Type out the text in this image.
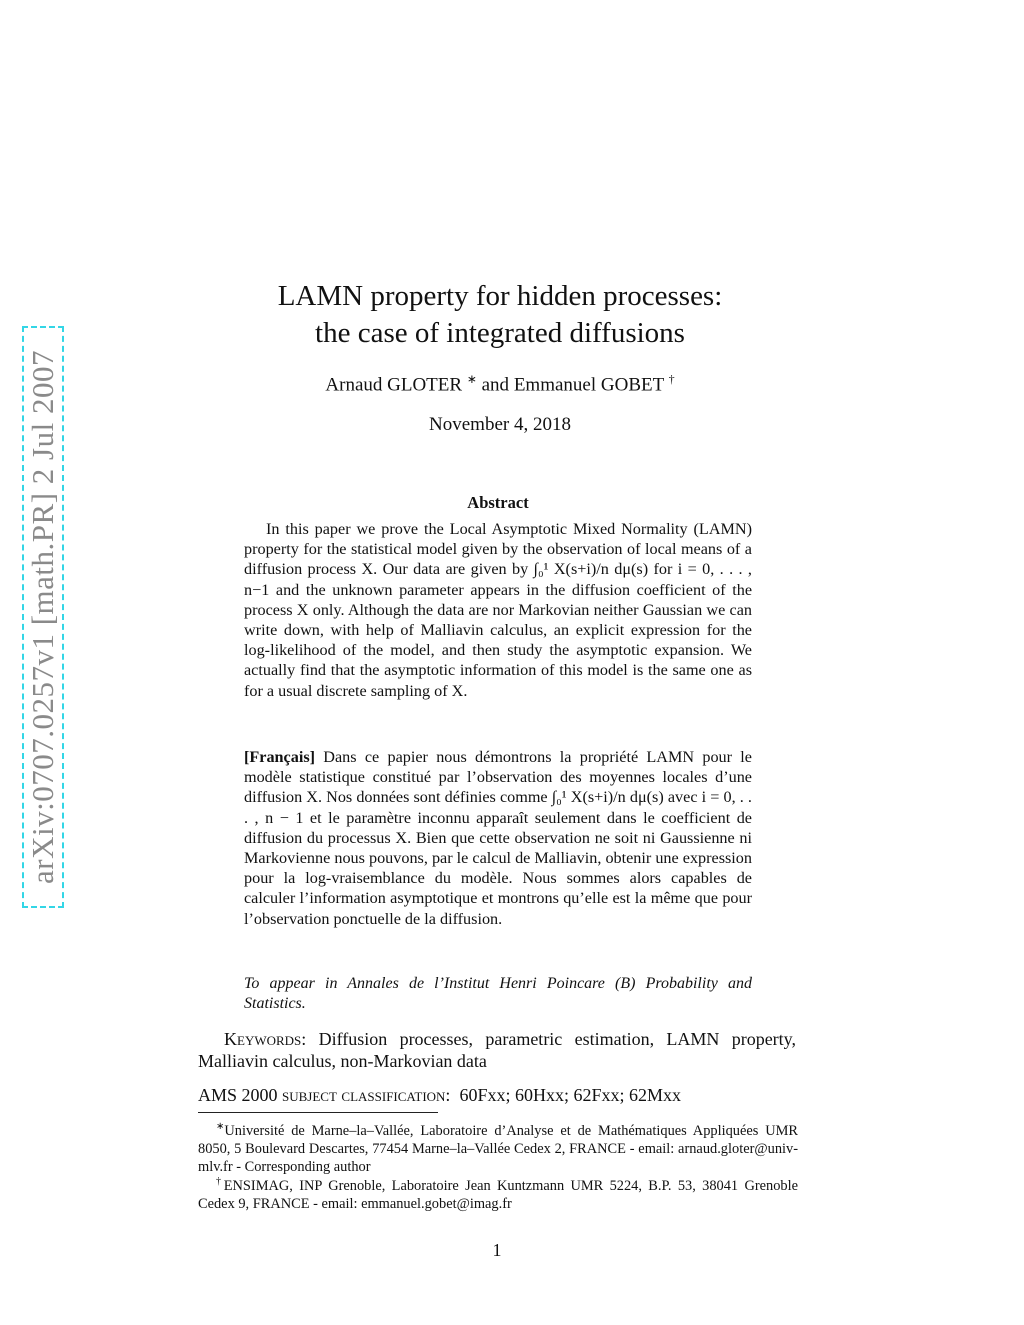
arXiv:0707.0257v1 [math.PR] 2 Jul 2007
LAMN property for hidden processes:
the case of integrated diffusions
Arnaud GLOTER ∗ and Emmanuel GOBET †
November 4, 2018
Abstract

In this paper we prove the Local Asymptotic Mixed Normality (LAMN) property for the statistical model given by the observation of local means of a diffusion process X. Our data are given by ∫₀¹ X(s+i)/n dμ(s) for i = 0, . . . , n−1 and the unknown parameter appears in the diffusion coefficient of the process X only. Although the data are nor Markovian neither Gaussian we can write down, with help of Malliavin calculus, an explicit expression for the log-likelihood of the model, and then study the asymptotic expansion. We actually find that the asymptotic information of this model is the same one as for a usual discrete sampling of X.

[Français] Dans ce papier nous démontrons la propriété LAMN pour le modèle statistique constitué par l’observation des moyennes locales d’une diffusion X. Nos données sont définies comme ∫₀¹ X(s+i)/n dμ(s) avec i = 0, . . . , n − 1 et le paramètre inconnu apparaît seulement dans le coefficient de diffusion du processus X. Bien que cette observation ne soit ni Gaussienne ni Markovienne nous pouvons, par le calcul de Malliavin, obtenir une expression pour la log-vraisemblance du modèle. Nous sommes alors capables de calculer l’information asymptotique et montrons qu’elle est la même que pour l’observation ponctuelle de la diffusion.

To appear in Annales de l’Institut Henri Poincare (B) Probability and Statistics.

Keywords: Diffusion processes, parametric estimation, LAMN property, Malliavin calculus, non-Markovian data

AMS 2000 subject classification: 60Fxx; 60Hxx; 62Fxx; 62Mxx

∗Université de Marne–la–Vallée, Laboratoire d’Analyse et de Mathématiques Appliquées UMR 8050, 5 Boulevard Descartes, 77454 Marne–la–Vallée Cedex 2, FRANCE - email: arnaud.gloter@univ-mlv.fr - Corresponding author

†ENSIMAG, INP Grenoble, Laboratoire Jean Kuntzmann UMR 5224, B.P. 53, 38041 Grenoble Cedex 9, FRANCE - email: emmanuel.gobet@imag.fr

1
